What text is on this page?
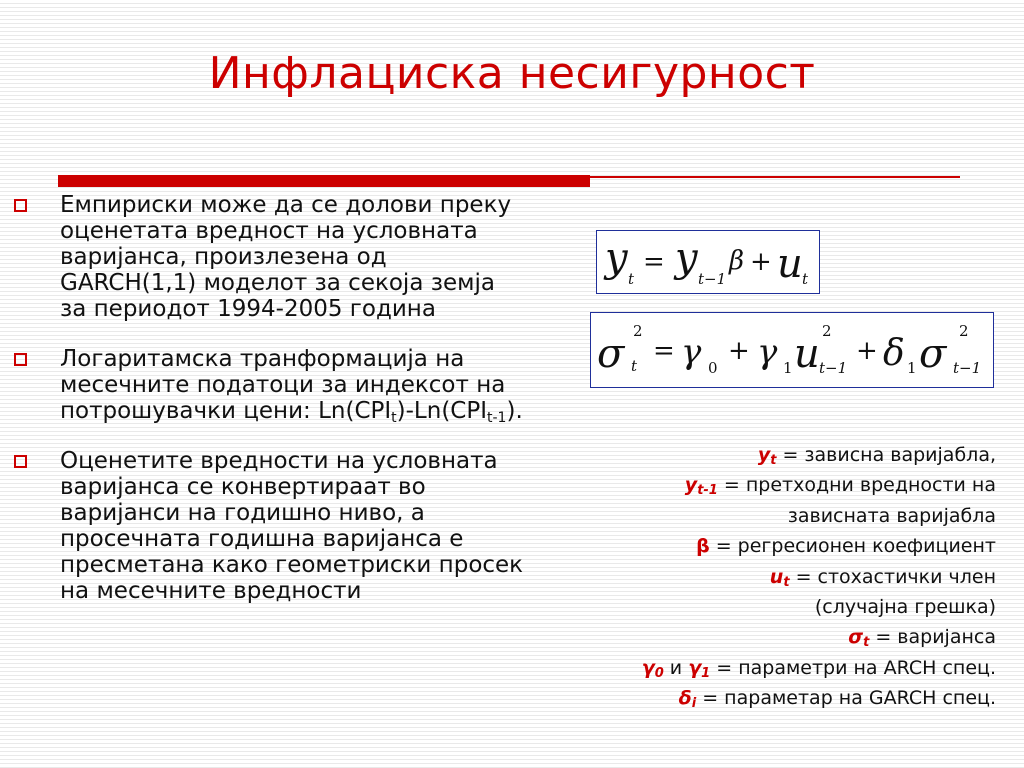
Инфлациска несигурност
Емпириски може да се долови преку оценетата вредност на условната варијанса, произлезена од GARCH(1,1) моделот за секоја земја за периодот 1994-2005 година
Логаритамска транформација на месечните податоци за индексот на потрошувачки цени: $Ln(CPI_t)-Ln(CPI_{t-1})$.
Оценетите вредности на условната варијанса се конвертираат во варијанси на годишно ниво, а просечната годишна варијанса е пресметана како геометриски просек на месечните вредности
y t
= y t−1
β + u t
σ 2
t = γ 0
+ γ 1 u 2
t−1
+ δ 1 σ 2
t−1
$y_t$ = зависна варијабла,
$у_{t-1}$ = претходни вредности на
зависната варијабла
β = регресионен коефициент
$u_t$ = стохастички член
(случајна грешка)
$\sigma_t$ = варијанса
$\gamma_0$ и $\gamma_1$ = параметри на ARCH спец.
$\delta_i$ = параметар на GARCH спец.
